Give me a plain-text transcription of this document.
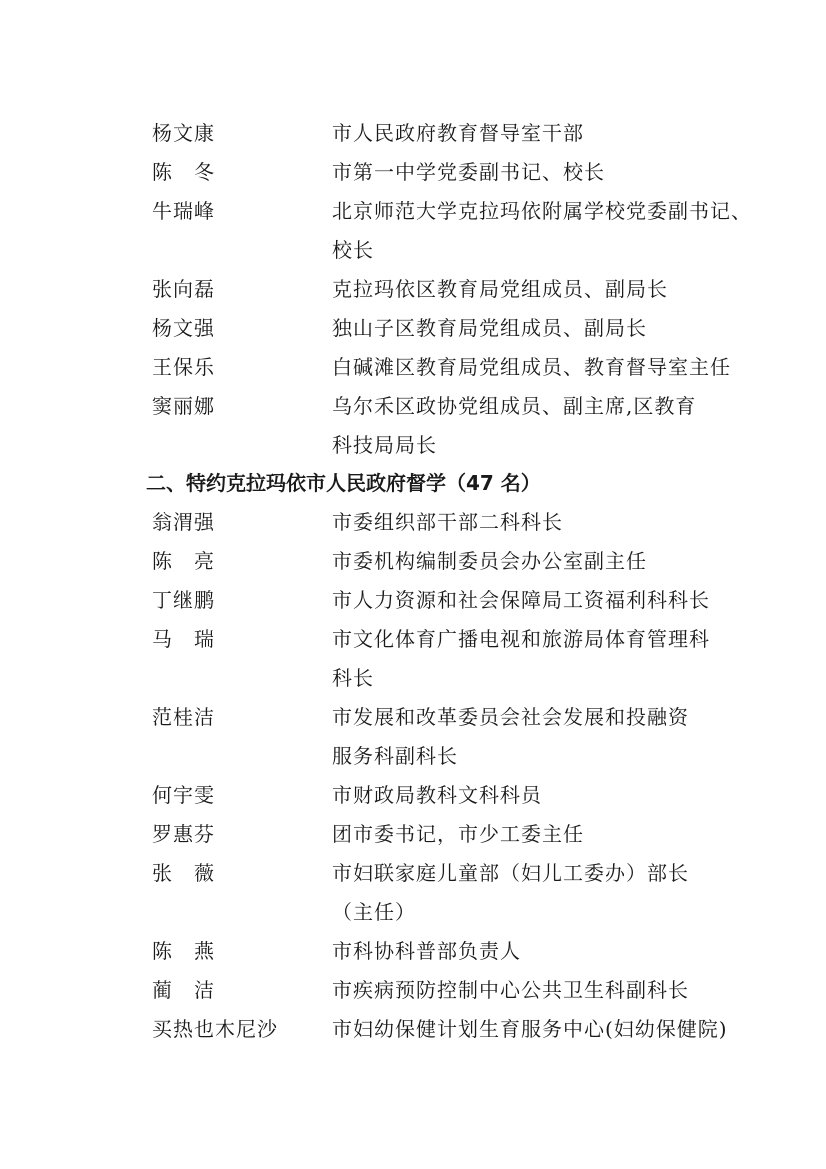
杨文康	市人民政府教育督导室干部
陈　冬	市第一中学党委副书记、校长
牛瑞峰	北京师范大学克拉玛依附属学校党委副书记、
校长
张向磊	克拉玛依区教育局党组成员、副局长
杨文强	独山子区教育局党组成员、副局长
王保乐	白碱滩区教育局党组成员、教育督导室主任
窦丽娜	乌尔禾区政协党组成员、副主席,区教育
科技局局长
二、特约克拉玛依市人民政府督学（47 名）
翁渭强	市委组织部干部二科科长
陈　亮	市委机构编制委员会办公室副主任
丁继鹏	市人力资源和社会保障局工资福利科科长
马　瑞	市文化体育广播电视和旅游局体育管理科
科长
范桂洁	市发展和改革委员会社会发展和投融资
服务科副科长
何宇雯	市财政局教科文科科员
罗惠芬	团市委书记，市少工委主任
张　薇	市妇联家庭儿童部（妇儿工委办）部长
（主任）
陈　燕	市科协科普部负责人
蔺　洁	市疾病预防控制中心公共卫生科副科长
买热也木尼沙	市妇幼保健计划生育服务中心(妇幼保健院)
